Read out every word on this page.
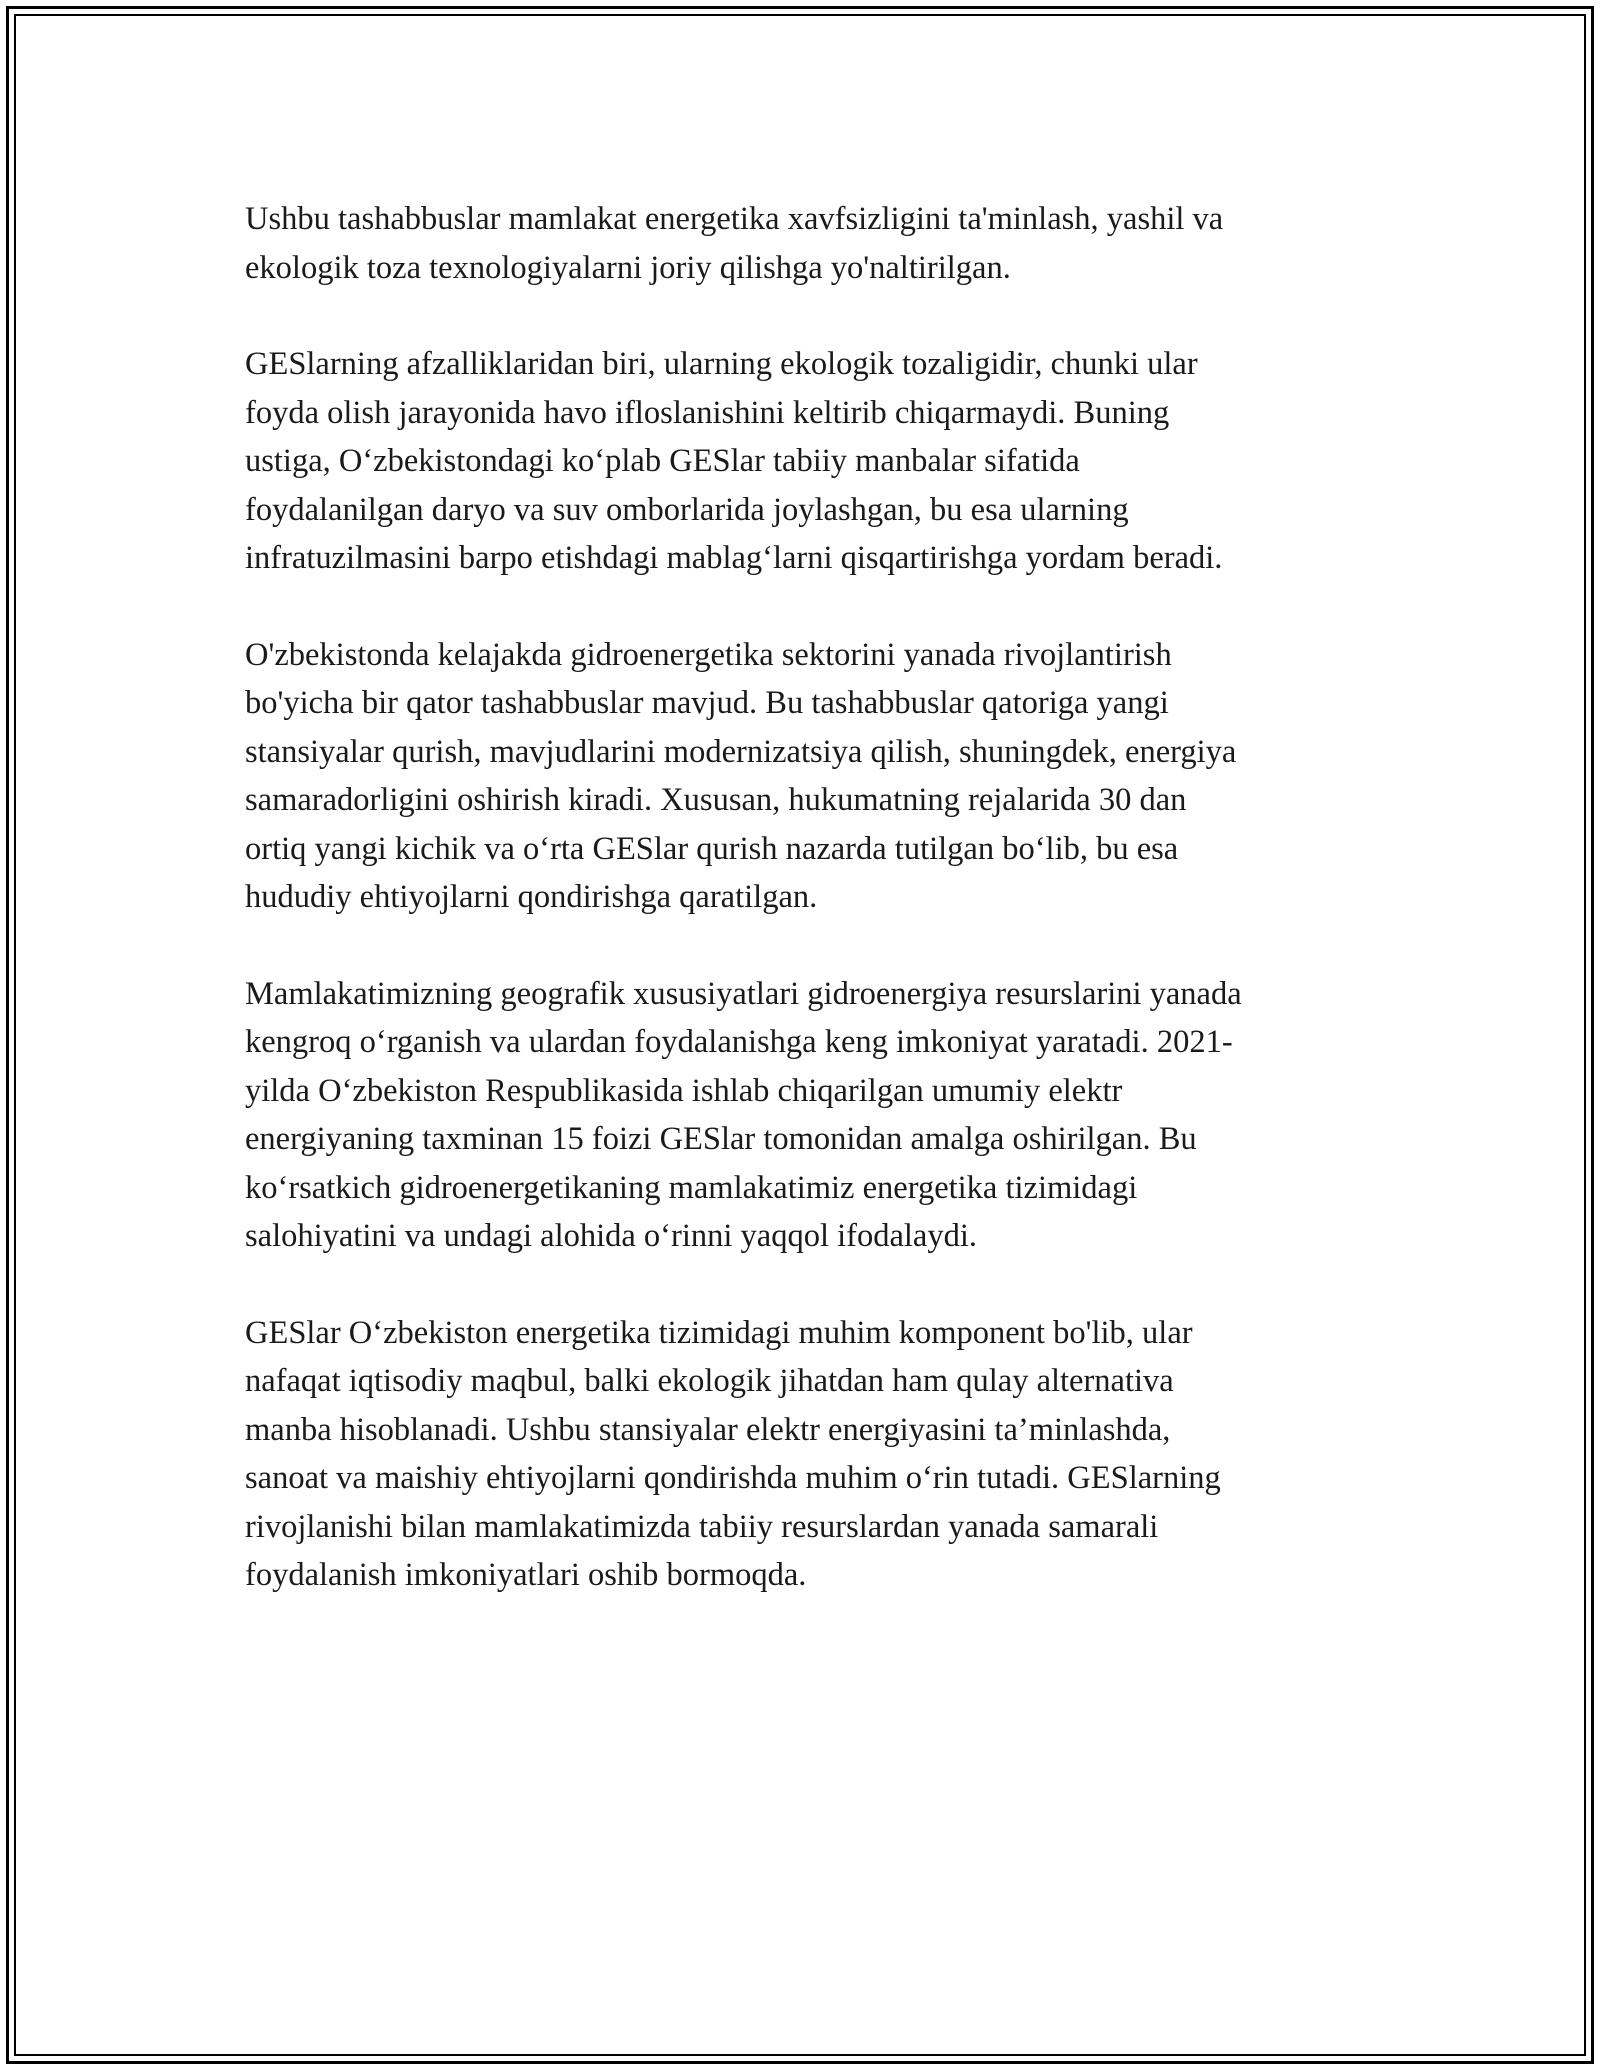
Ushbu tashabbuslar mamlakat energetika xavfsizligini ta'minlash, yashil va
ekologik toza texnologiyalarni joriy qilishga yo'naltirilgan.

GESlarning afzalliklaridan biri, ularning ekologik tozaligidir, chunki ular
foyda olish jarayonida havo ifloslanishini keltirib chiqarmaydi. Buning
ustiga, O‘zbekistondagi ko‘plab GESlar tabiiy manbalar sifatida
foydalanilgan daryo va suv omborlarida joylashgan, bu esa ularning
infratuzilmasini barpo etishdagi mablag‘larni qisqartirishga yordam beradi.

O'zbekistonda kelajakda gidroenergetika sektorini yanada rivojlantirish
bo'yicha bir qator tashabbuslar mavjud. Bu tashabbuslar qatoriga yangi
stansiyalar qurish, mavjudlarini modernizatsiya qilish, shuningdek, energiya
samaradorligini oshirish kiradi. Xususan, hukumatning rejalarida 30 dan
ortiq yangi kichik va o‘rta GESlar qurish nazarda tutilgan bo‘lib, bu esa
hududiy ehtiyojlarni qondirishga qaratilgan.

Mamlakatimizning geografik xususiyatlari gidroenergiya resurslarini yanada
kengroq o‘rganish va ulardan foydalanishga keng imkoniyat yaratadi. 2021-
yilda O‘zbekiston Respublikasida ishlab chiqarilgan umumiy elektr
energiyaning taxminan 15 foizi GESlar tomonidan amalga oshirilgan. Bu
ko‘rsatkich gidroenergetikaning mamlakatimiz energetika tizimidagi
salohiyatini va undagi alohida o‘rinni yaqqol ifodalaydi.

GESlar O‘zbekiston energetika tizimidagi muhim komponent bo'lib, ular
nafaqat iqtisodiy maqbul, balki ekologik jihatdan ham qulay alternativa
manba hisoblanadi. Ushbu stansiyalar elektr energiyasini ta’minlashda,
sanoat va maishiy ehtiyojlarni qondirishda muhim o‘rin tutadi. GESlarning
rivojlanishi bilan mamlakatimizda tabiiy resurslardan yanada samarali
foydalanish imkoniyatlari oshib bormoqda.
